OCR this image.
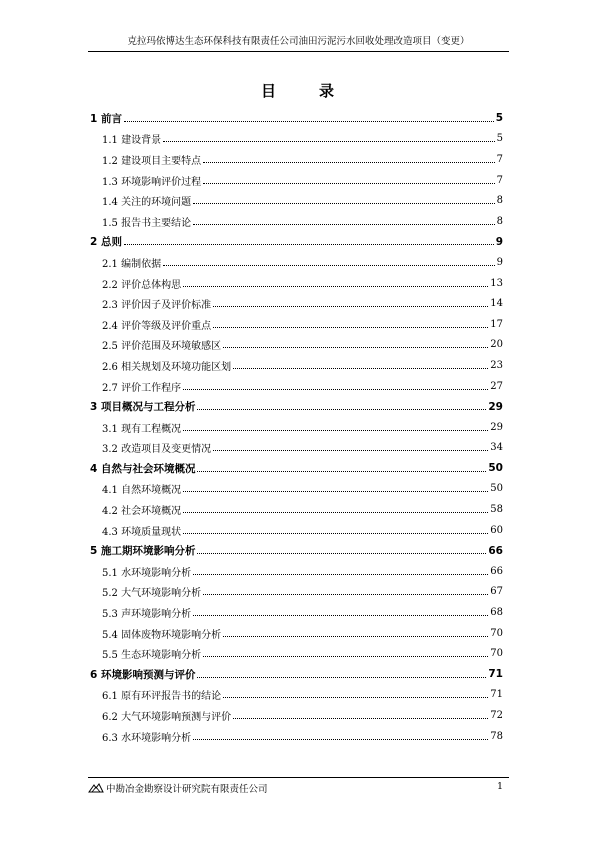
克拉玛依博达生态环保科技有限责任公司油田污泥污水回收处理改造项目（变更）
目　录
1 前言	5
1.1 建设背景	5
1.2 建设项目主要特点	7
1.3 环境影响评价过程	7
1.4 关注的环境问题	8
1.5 报告书主要结论	8
2 总则	9
2.1 编制依据	9
2.2 评价总体构思	13
2.3 评价因子及评价标准	14
2.4 评价等级及评价重点	17
2.5 评价范围及环境敏感区	20
2.6 相关规划及环境功能区划	23
2.7 评价工作程序	27
3 项目概况与工程分析	29
3.1 现有工程概况	29
3.2 改造项目及变更情况	34
4 自然与社会环境概况	50
4.1 自然环境概况	50
4.2 社会环境概况	58
4.3 环境质量现状	60
5 施工期环境影响分析	66
5.1 水环境影响分析	66
5.2 大气环境影响分析	67
5.3 声环境影响分析	68
5.4 固体废物环境影响分析	70
5.5 生态环境影响分析	70
6 环境影响预测与评价	71
6.1 原有环评报告书的结论	71
6.2 大气环境影响预测与评价	72
6.3 水环境影响分析	78
中勘冶金勘察设计研究院有限责任公司	1
